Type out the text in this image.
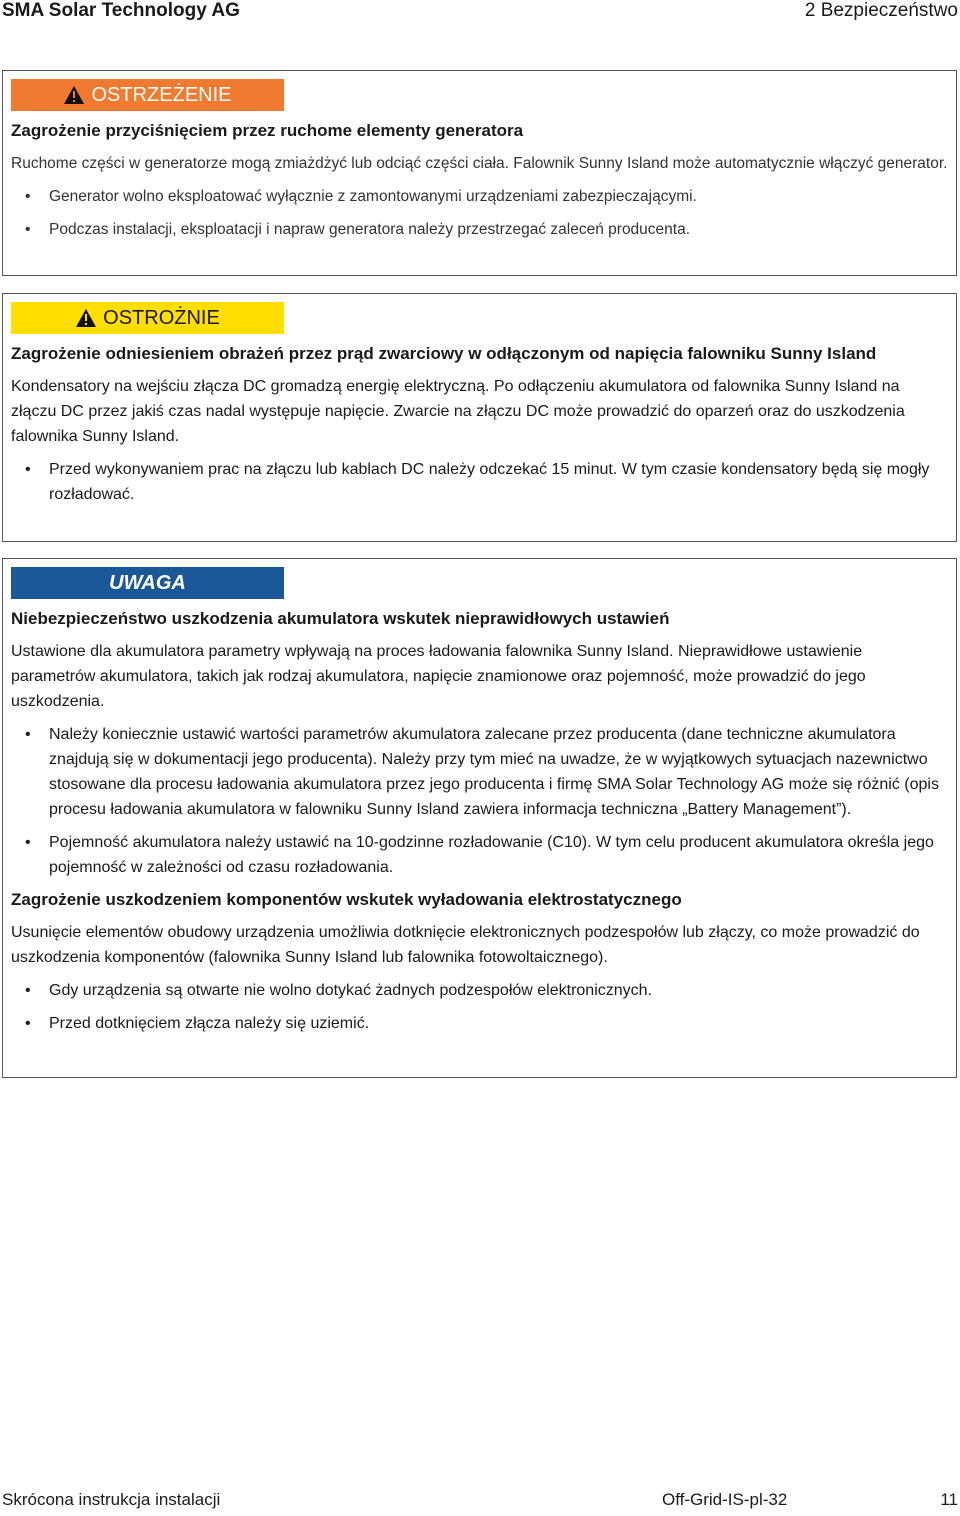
SMA Solar Technology AG	2 Bezpieczeństwo
OSTRZEŻENIE
Zagrożenie przyciśnięciem przez ruchome elementy generatora
Ruchome części w generatorze mogą zmiażdżyć lub odciąć części ciała. Falownik Sunny Island może automatycznie włączyć generator.
• Generator wolno eksploatować wyłącznie z zamontowanymi urządzeniami zabezpieczającymi.
• Podczas instalacji, eksploatacji i napraw generatora należy przestrzegać zaleceń producenta.
OSTROŻNIE
Zagrożenie odniesieniem obrażeń przez prąd zwarciowy w odłączonym od napięcia falowniku Sunny Island
Kondensatory na wejściu złącza DC gromadzą energię elektryczną. Po odłączeniu akumulatora od falownika Sunny Island na złączu DC przez jakiś czas nadal występuje napięcie. Zwarcie na złączu DC może prowadzić do oparzeń oraz do uszkodzenia falownika Sunny Island.
• Przed wykonywaniem prac na złączu lub kablach DC należy odczekać 15 minut. W tym czasie kondensatory będą się mogły rozładować.
UWAGA
Niebezpieczeństwo uszkodzenia akumulatora wskutek nieprawidłowych ustawień
Ustawione dla akumulatora parametry wpływają na proces ładowania falownika Sunny Island. Nieprawidłowe ustawienie parametrów akumulatora, takich jak rodzaj akumulatora, napięcie znamionowe oraz pojemność, może prowadzić do jego uszkodzenia.
• Należy koniecznie ustawić wartości parametrów akumulatora zalecane przez producenta (dane techniczne akumulatora znajdują się w dokumentacji jego producenta). Należy przy tym mieć na uwadze, że w wyjątkowych sytuacjach nazewnictwo stosowane dla procesu ładowania akumulatora przez jego producenta i firmę SMA Solar Technology AG może się różnić (opis procesu ładowania akumulatora w falowniku Sunny Island zawiera informacja techniczna „Battery Management”).
• Pojemność akumulatora należy ustawić na 10-godzinne rozładowanie (C10). W tym celu producent akumulatora określa jego pojemność w zależności od czasu rozładowania.
Zagrożenie uszkodzeniem komponentów wskutek wyładowania elektrostatycznego
Usunięcie elementów obudowy urządzenia umożliwia dotknięcie elektronicznych podzespołów lub złączy, co może prowadzić do uszkodzenia komponentów (falownika Sunny Island lub falownika fotowoltaicznego).
• Gdy urządzenia są otwarte nie wolno dotykać żadnych podzespołów elektronicznych.
• Przed dotknięciem złącza należy się uziemić.
Skrócona instrukcja instalacji	Off-Grid-IS-pl-32	11
